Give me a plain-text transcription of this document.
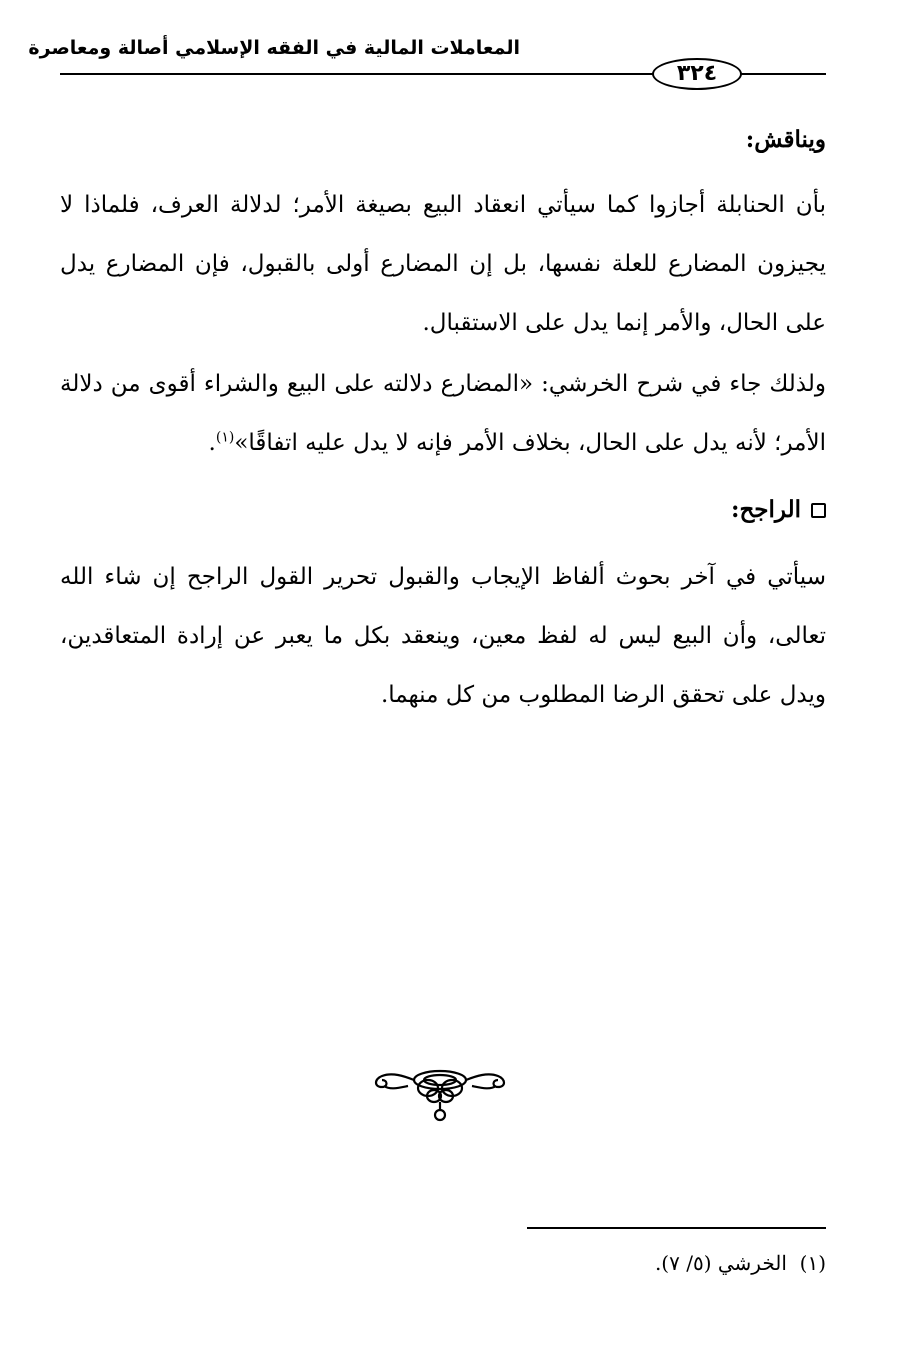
المعاملات المالية في الفقه الإسلامي أصالة ومعاصرة
٣٢٤
ويناقش:
بأن الحنابلة أجازوا كما سيأتي انعقاد البيع بصيغة الأمر؛ لدلالة العرف، فلماذا لا يجيزون المضارع للعلة نفسها، بل إن المضارع أولى بالقبول، فإن المضارع يدل على الحال، والأمر إنما يدل على الاستقبال.
ولذلك جاء في شرح الخرشي: «المضارع دلالته على البيع والشراء أقوى من دلالة الأمر؛ لأنه يدل على الحال، بخلاف الأمر فإنه لا يدل عليه اتفاقًا»$^{(١)}$.
الراجح:
سيأتي في آخر بحوث ألفاظ الإيجاب والقبول تحرير القول الراجح إن شاء الله تعالى، وأن البيع ليس له لفظ معين، وينعقد بكل ما يعبر عن إرادة المتعاقدين، ويدل على تحقق الرضا المطلوب من كل منهما.
(١)  الخرشي (٥/ ٧).
